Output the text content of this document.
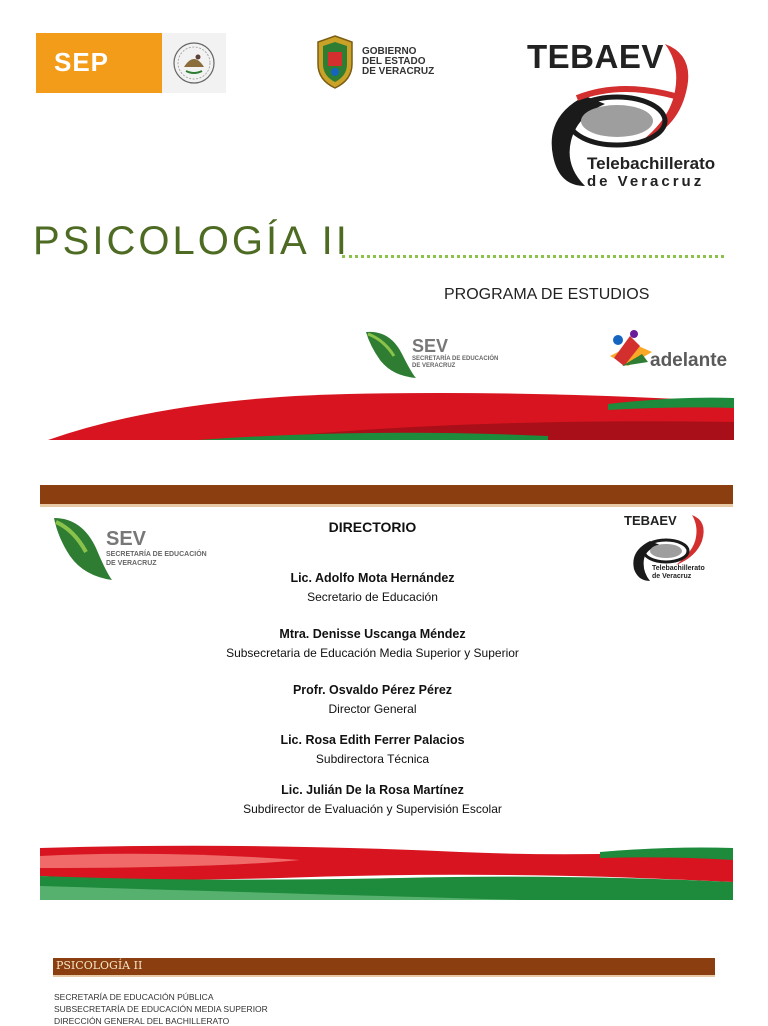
SEP	GOBIERNO
DEL ESTADO
DE VERACRUZ	TEBAEV
Telebachillerato
de Veracruz
PSICOLOGÍA II
PROGRAMA DE ESTUDIOS
SEV
SECRETARÍA DE EDUCACIÓN
DE VERACRUZ	adelante
SEV
SECRETARÍA DE EDUCACIÓN
DE VERACRUZ
TEBAEV
Telebachillerato
de Veracruz
DIRECTORIO
Lic. Adolfo Mota Hernández
Secretario de Educación
Mtra. Denisse Uscanga Méndez
Subsecretaria de Educación Media Superior y Superior
Profr. Osvaldo Pérez Pérez
Director General
Lic. Rosa Edith Ferrer Palacios
Subdirectora Técnica
Lic. Julián De la Rosa Martínez
Subdirector de Evaluación y Supervisión Escolar
PSICOLOGÍA II
SECRETARÍA DE EDUCACIÓN PÚBLICA
SUBSECRETARÍA DE EDUCACIÓN MEDIA SUPERIOR
DIRECCIÓN GENERAL DEL BACHILLERATO
